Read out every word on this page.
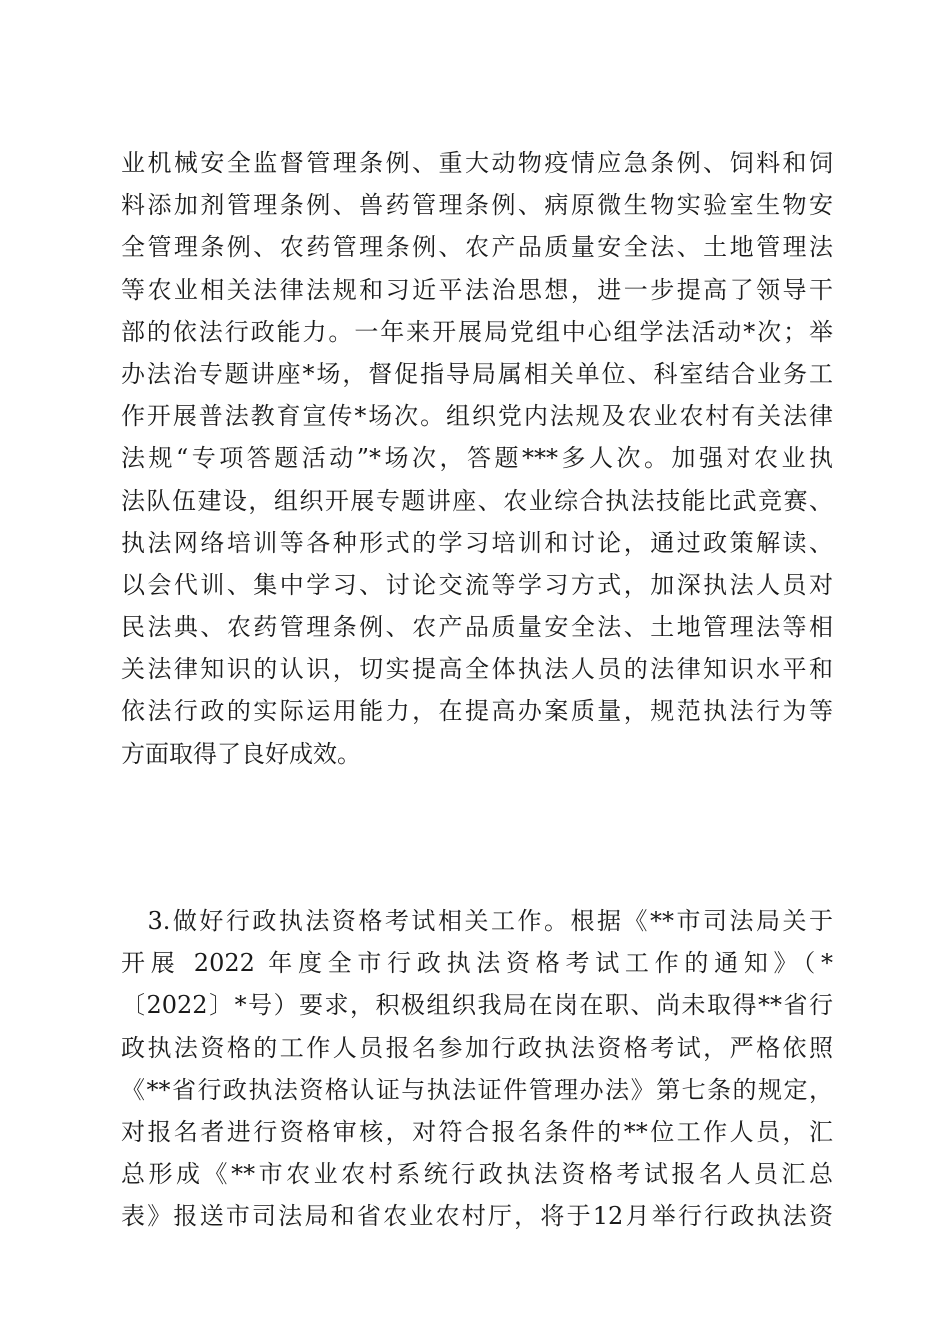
业机械安全监督管理条例、重大动物疫情应急条例、饲料和饲
料添加剂管理条例、兽药管理条例、病原微生物实验室生物安
全管理条例、农药管理条例、农产品质量安全法、土地管理法
等农业相关法律法规和习近平法治思想，进一步提高了领导干
部的依法行政能力。一年来开展局党组中心组学法活动*次；举
办法治专题讲座*场，督促指导局属相关单位、科室结合业务工
作开展普法教育宣传*场次。组织党内法规及农业农村有关法律
法规“专项答题活动”*场次，答题***多人次。加强对农业执
法队伍建设，组织开展专题讲座、农业综合执法技能比武竞赛、
执法网络培训等各种形式的学习培训和讨论，通过政策解读、
以会代训、集中学习、讨论交流等学习方式，加深执法人员对
民法典、农药管理条例、农产品质量安全法、土地管理法等相
关法律知识的认识，切实提高全体执法人员的法律知识水平和
依法行政的实际运用能力，在提高办案质量，规范执法行为等
方面取得了良好成效。
　3.做好行政执法资格考试相关工作。根据《**市司法局关于
开展 2022 年度全市行政执法资格考试工作的通知》（*
〔2022〕*号）要求，积极组织我局在岗在职、尚未取得**省行
政执法资格的工作人员报名参加行政执法资格考试，严格依照
《**省行政执法资格认证与执法证件管理办法》第七条的规定，
对报名者进行资格审核，对符合报名条件的**位工作人员，汇
总形成《**市农业农村系统行政执法资格考试报名人员汇总
表》报送市司法局和省农业农村厅，将于12月举行行政执法资
